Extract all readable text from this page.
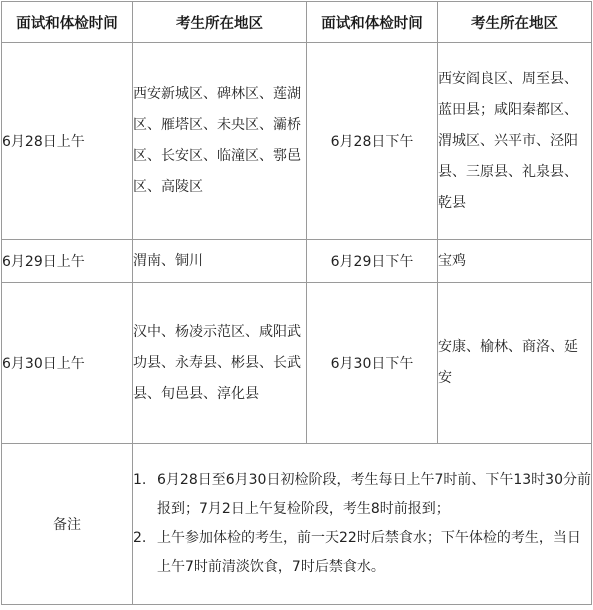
面试和体检时间	考生所在地区	面试和体检时间	考生所在地区
6月28日上午	西安新城区、碑林区、莲湖区、雁塔区、未央区、灞桥区、长安区、临潼区、鄠邑区、高陵区	6月28日下午	西安阎良区、周至县、蓝田县；咸阳秦都区、渭城区、兴平市、泾阳县、三原县、礼泉县、乾县
6月29日上午	渭南、铜川	6月29日下午	宝鸡
6月30日上午	汉中、杨凌示范区、咸阳武功县、永寿县、彬县、长武县、旬邑县、淳化县	6月30日下午	安康、榆林、商洛、延安
备注	1. 6月28日至6月30日初检阶段，考生每日上午7时前、下午13时30分前报到；7月2日上午复检阶段，考生8时前报到；
2. 上午参加体检的考生，前一天22时后禁食水；下午体检的考生，当日上午7时前清淡饮食，7时后禁食水。		
